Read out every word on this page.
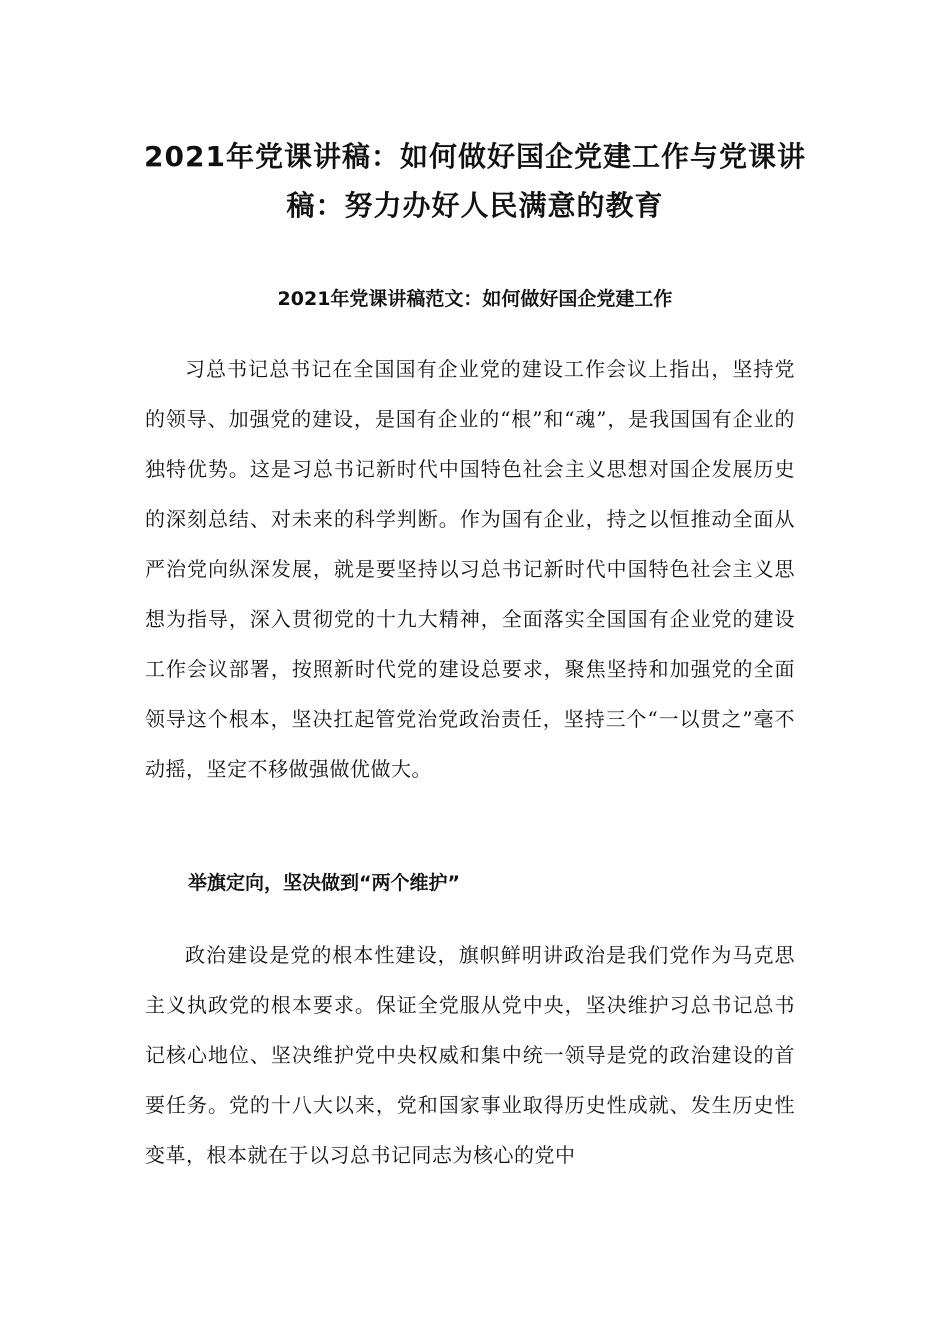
2021年党课讲稿：如何做好国企党建工作与党课讲稿：努力办好人民满意的教育
2021年党课讲稿范文：如何做好国企党建工作

习总书记总书记在全国国有企业党的建设工作会议上指出，坚持党的领导、加强党的建设，是国有企业的“根”和“魂”，是我国国有企业的独特优势。这是习总书记新时代中国特色社会主义思想对国企发展历史的深刻总结、对未来的科学判断。作为国有企业，持之以恒推动全面从严治党向纵深发展，就是要坚持以习总书记新时代中国特色社会主义思想为指导，深入贯彻党的十九大精神，全面落实全国国有企业党的建设工作会议部署，按照新时代党的建设总要求，聚焦坚持和加强党的全面领导这个根本，坚决扛起管党治党政治责任，坚持三个“一以贯之”毫不动摇，坚定不移做强做优做大。

举旗定向，坚决做到“两个维护”

政治建设是党的根本性建设，旗帜鲜明讲政治是我们党作为马克思主义执政党的根本要求。保证全党服从党中央，坚决维护习总书记总书记核心地位、坚决维护党中央权威和集中统一领导是党的政治建设的首要任务。党的十八大以来，党和国家事业取得历史性成就、发生历史性变革，根本就在于以习总书记同志为核心的党中
